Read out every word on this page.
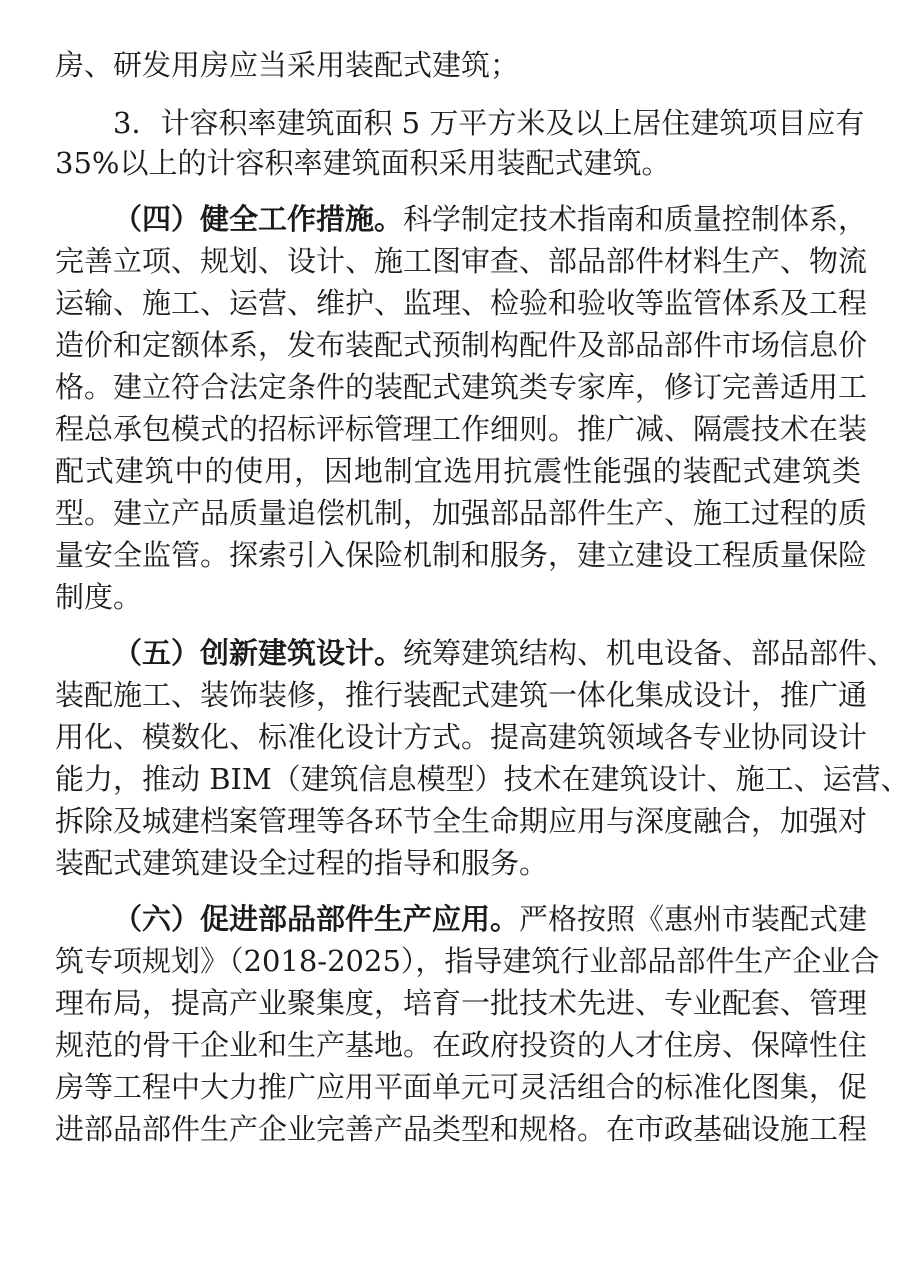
房、研发用房应当采用装配式建筑；
3．计容积率建筑面积 5 万平方米及以上居住建筑项目应有
35%以上的计容积率建筑面积采用装配式建筑。
（四）健全工作措施。科学制定技术指南和质量控制体系，
完善立项、规划、设计、施工图审查、部品部件材料生产、物流
运输、施工、运营、维护、监理、检验和验收等监管体系及工程
造价和定额体系，发布装配式预制构配件及部品部件市场信息价
格。建立符合法定条件的装配式建筑类专家库，修订完善适用工
程总承包模式的招标评标管理工作细则。推广减、隔震技术在装
配式建筑中的使用，因地制宜选用抗震性能强的装配式建筑类
型。建立产品质量追偿机制，加强部品部件生产、施工过程的质
量安全监管。探索引入保险机制和服务，建立建设工程质量保险
制度。
（五）创新建筑设计。统筹建筑结构、机电设备、部品部件、
装配施工、装饰装修，推行装配式建筑一体化集成设计，推广通
用化、模数化、标准化设计方式。提高建筑领域各专业协同设计
能力，推动 BIM（建筑信息模型）技术在建筑设计、施工、运营、
拆除及城建档案管理等各环节全生命期应用与深度融合，加强对
装配式建筑建设全过程的指导和服务。
（六）促进部品部件生产应用。严格按照《惠州市装配式建
筑专项规划》（2018-2025），指导建筑行业部品部件生产企业合
理布局，提高产业聚集度，培育一批技术先进、专业配套、管理
规范的骨干企业和生产基地。在政府投资的人才住房、保障性住
房等工程中大力推广应用平面单元可灵活组合的标准化图集，促
进部品部件生产企业完善产品类型和规格。在市政基础设施工程
